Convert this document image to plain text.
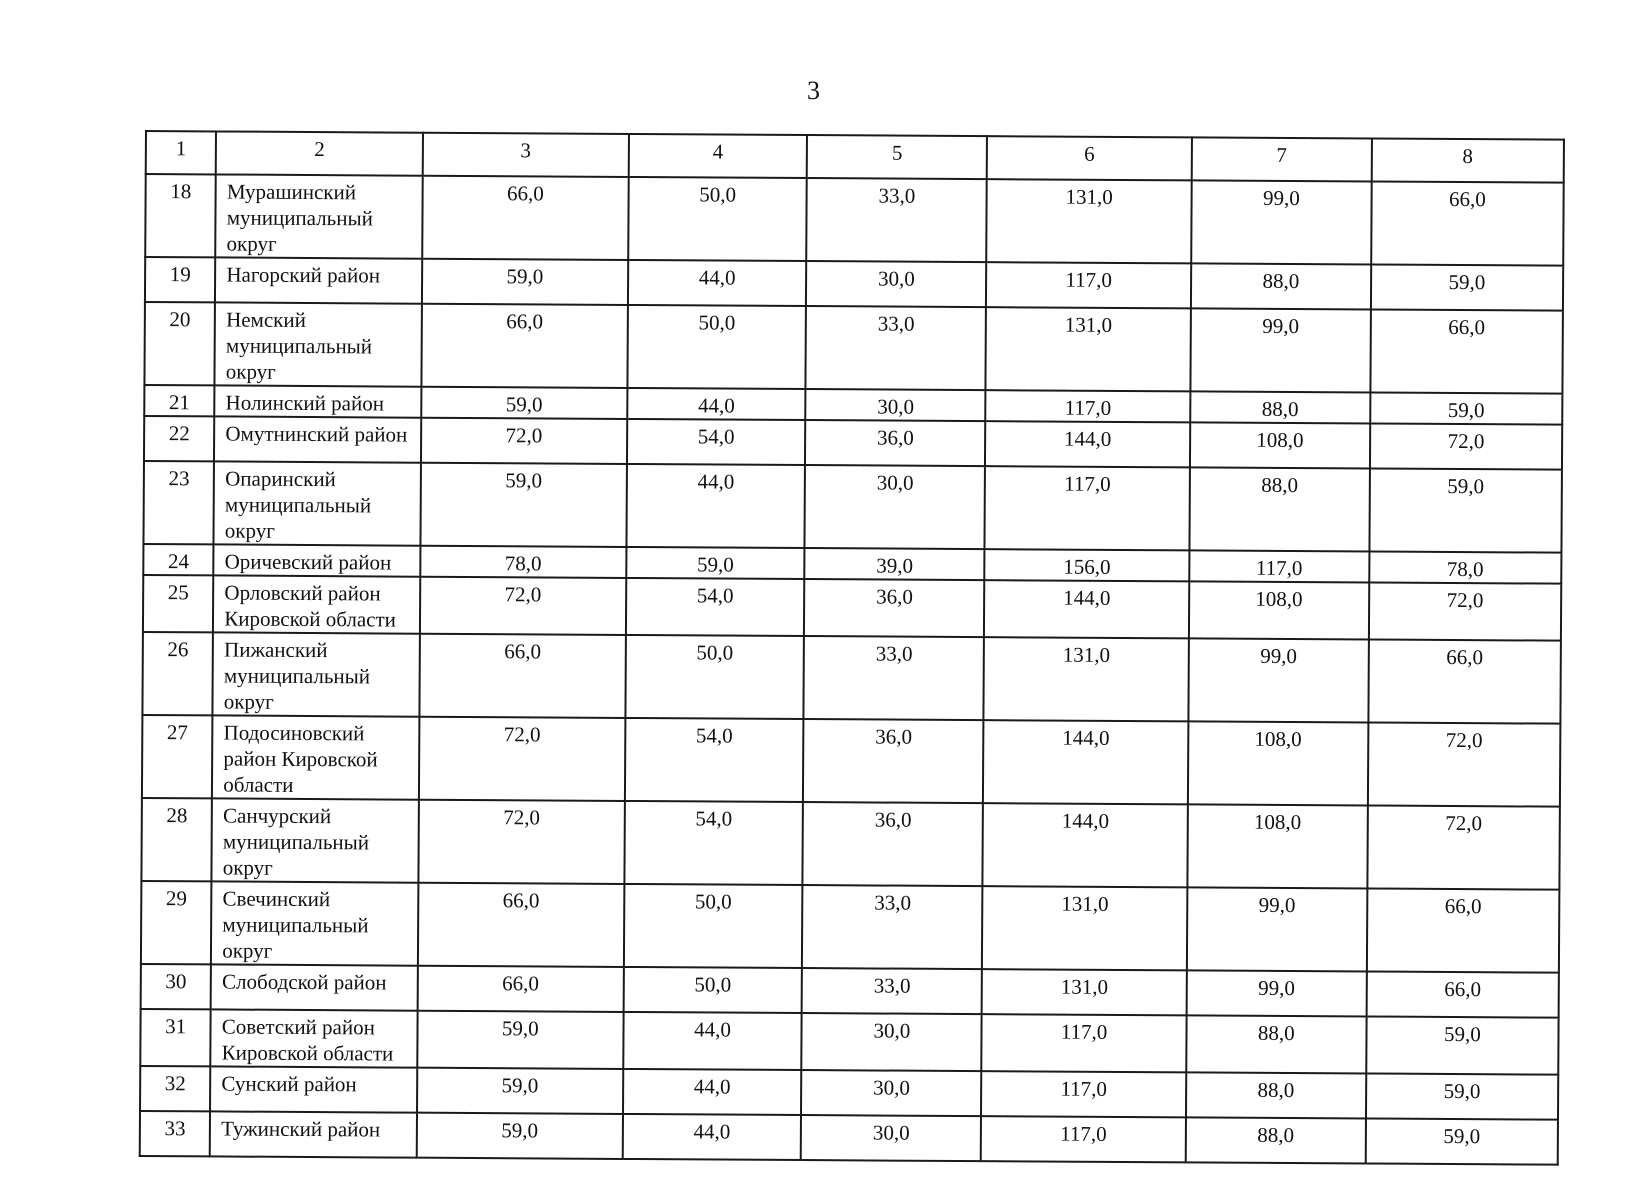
3
1	2	3	4	5	6	7	8
18	Мурашинский
муниципальный
округ	66,0	50,0	33,0	131,0	99,0	66,0
19	Нагорский район	59,0	44,0	30,0	117,0	88,0	59,0
20	Немский
муниципальный
округ	66,0	50,0	33,0	131,0	99,0	66,0
21	Нолинский район	59,0	44,0	30,0	117,0	88,0	59,0
22	Омутнинский район	72,0	54,0	36,0	144,0	108,0	72,0
23	Опаринский
муниципальный
округ	59,0	44,0	30,0	117,0	88,0	59,0
24	Оричевский район	78,0	59,0	39,0	156,0	117,0	78,0
25	Орловский район
Кировской области	72,0	54,0	36,0	144,0	108,0	72,0
26	Пижанский
муниципальный
округ	66,0	50,0	33,0	131,0	99,0	66,0
27	Подосиновский
район Кировской
области	72,0	54,0	36,0	144,0	108,0	72,0
28	Санчурский
муниципальный
округ	72,0	54,0	36,0	144,0	108,0	72,0
29	Свечинский
муниципальный
округ	66,0	50,0	33,0	131,0	99,0	66,0
30	Слободской район	66,0	50,0	33,0	131,0	99,0	66,0
31	Советский район
Кировской области	59,0	44,0	30,0	117,0	88,0	59,0
32	Сунский район	59,0	44,0	30,0	117,0	88,0	59,0
33	Тужинский район	59,0	44,0	30,0	117,0	88,0	59,0
